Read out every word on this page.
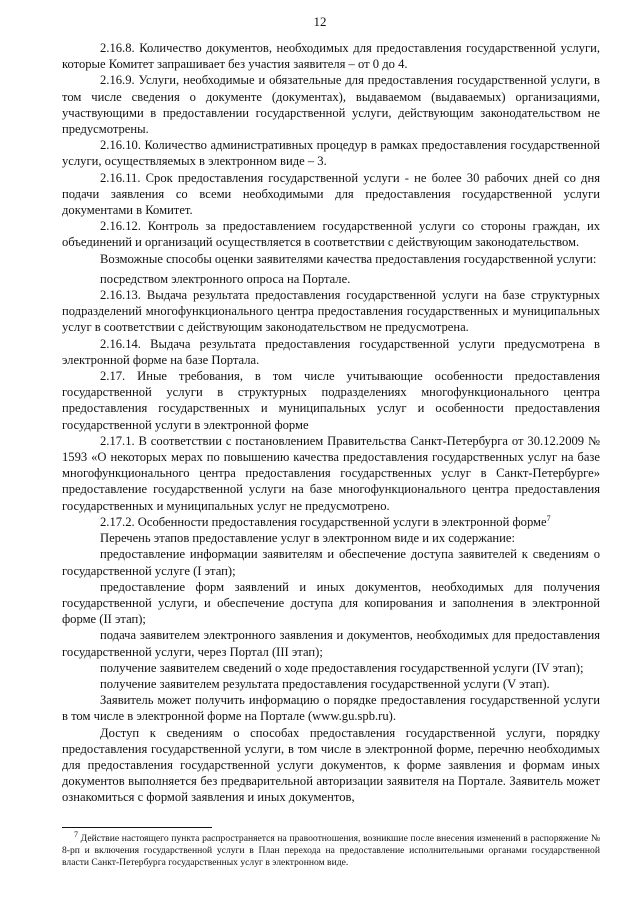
12

2.16.8. Количество документов, необходимых для предоставления государственной услуги, которые Комитет запрашивает без участия заявителя – от 0 до 4.

2.16.9. Услуги, необходимые и обязательные для предоставления государственной услуги, в том числе сведения о документе (документах), выдаваемом (выдаваемых) организациями, участвующими в предоставлении государственной услуги, действующим законодательством не предусмотрены.

2.16.10. Количество административных процедур в рамках предоставления государственной услуги, осуществляемых в электронном виде – 3.

2.16.11. Срок предоставления государственной услуги - не более 30 рабочих дней со дня подачи заявления со всеми необходимыми для предоставления государственной услуги документами в Комитет.

2.16.12. Контроль за предоставлением государственной услуги со стороны граждан, их объединений и организаций осуществляется в соответствии с действующим законодательством.

Возможные способы оценки заявителями качества предоставления государственной услуги:

посредством электронного опроса на Портале.

2.16.13. Выдача результата предоставления государственной услуги на базе структурных подразделений многофункционального центра предоставления государственных и муниципальных услуг в соответствии с действующим законодательством не предусмотрена.

2.16.14. Выдача результата предоставления государственной услуги предусмотрена в электронной форме на базе Портала.

2.17. Иные требования, в том числе учитывающие особенности предоставления государственной услуги в структурных подразделениях многофункционального центра предоставления государственных и муниципальных услуг и особенности предоставления государственной услуги в электронной форме

2.17.1. В соответствии с постановлением Правительства Санкт-Петербурга от 30.12.2009 № 1593 «О некоторых мерах по повышению качества предоставления государственных услуг на базе многофункционального центра предоставления государственных услуг в Санкт-Петербурге» предоставление государственной услуги на базе многофункционального центра предоставления государственных и муниципальных услуг не предусмотрено.

2.17.2. Особенности предоставления государственной услуги в электронной форме$^7$

Перечень этапов предоставление услуг в электронном виде и их содержание:

предоставление информации заявителям и обеспечение доступа заявителей к сведениям о государственной услуге (I этап);

предоставление форм заявлений и иных документов, необходимых для получения государственной услуги, и обеспечение доступа для копирования и заполнения в электронной форме (II этап);

подача заявителем электронного заявления и документов, необходимых для предоставления государственной услуги, через Портал (III этап);

получение заявителем сведений о ходе предоставления государственной услуги (IV этап);

получение заявителем результата предоставления государственной услуги (V этап).

Заявитель может получить информацию о порядке предоставления государственной услуги в том числе в электронной форме на Портале (www.gu.spb.ru).

Доступ к сведениям о способах предоставления государственной услуги, порядку предоставления государственной услуги, в том числе в электронной форме, перечню необходимых для предоставления государственной услуги документов, к форме заявления и формам иных документов выполняется без предварительной авторизации заявителя на Портале. Заявитель может ознакомиться с формой заявления и иных документов,

$^7$ Действие настоящего пункта распространяется на правоотношения, возникшие после внесения изменений в распоряжение № 8-рп и включения государственной услуги в План перехода на предоставление исполнительными органами государственной власти Санкт-Петербурга государственных услуг в электронном виде.
